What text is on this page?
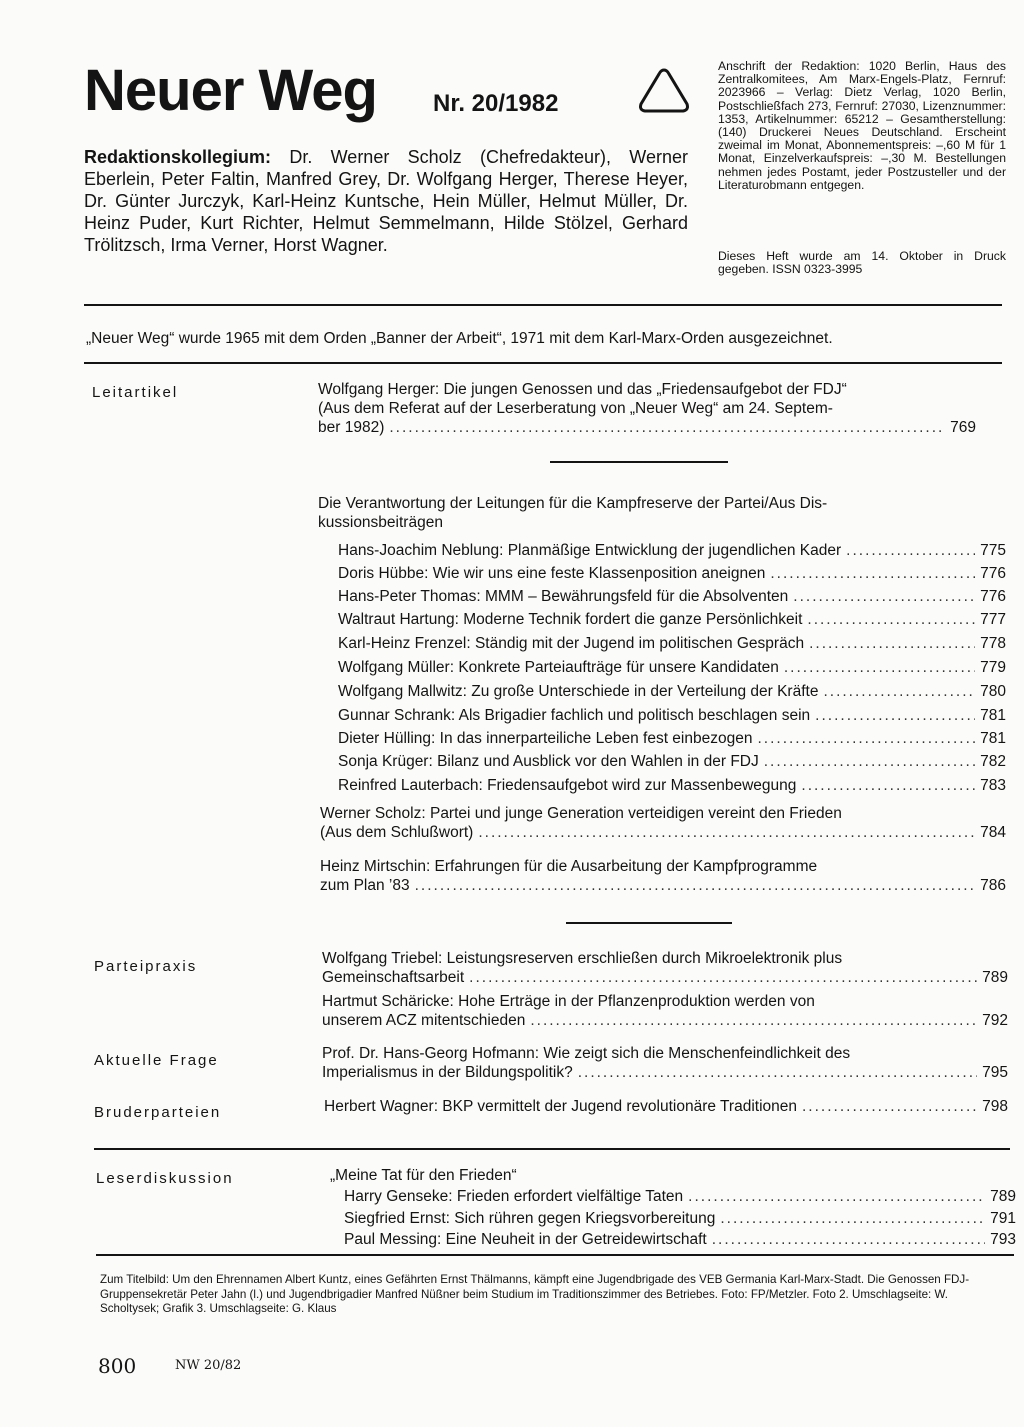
Neuer Weg Nr. 20/1982
Anschrift der Redaktion: 1020 Berlin, Haus des Zentralkomitees, Am Marx-Engels-Platz, Fernruf: 2023966 – Verlag: Dietz Verlag, 1020 Berlin, Postschließfach 273, Fernruf: 27030, Lizenznummer: 1353, Artikelnummer: 65212 – Gesamtherstellung: (140) Druckerei Neues Deutschland. Erscheint zweimal im Monat, Abonnementspreis: –,60 M für 1 Monat, Einzelverkaufspreis: –,30 M. Bestellungen nehmen jedes Postamt, jeder Postzusteller und der Literaturobmann entgegen.
Dieses Heft wurde am 14. Oktober in Druck gegeben. ISSN 0323-3995
Redaktionskollegium: Dr. Werner Scholz (Chefredakteur), Werner Eberlein, Peter Faltin, Manfred Grey, Dr. Wolfgang Herger, Therese Heyer, Dr. Günter Jurczyk, Karl-Heinz Kuntsche, Hein Müller, Helmut Müller, Dr. Heinz Puder, Kurt Richter, Helmut Semmelmann, Hilde Stölzel, Gerhard Trölitzsch, Irma Verner, Horst Wagner.
„Neuer Weg“ wurde 1965 mit dem Orden „Banner der Arbeit“, 1971 mit dem Karl-Marx-Orden ausgezeichnet.
Leitartikel	Wolfgang Herger: Die jungen Genossen und das „Friedensaufgebot der FDJ“
(Aus dem Referat auf der Leserberatung von „Neuer Weg“ am 24. Septem-
ber 1982) .....	769
Die Verantwortung der Leitungen für die Kampfreserve der Partei/Aus Dis-
kussionsbeiträgen
Hans-Joachim Neblung: Planmäßige Entwicklung der jugendlichen Kader .....	775
Doris Hübbe: Wie wir uns eine feste Klassenposition aneignen .....	776
Hans-Peter Thomas: MMM – Bewährungsfeld für die Absolventen .....	776
Waltraut Hartung: Moderne Technik fordert die ganze Persönlichkeit .....	777
Karl-Heinz Frenzel: Ständig mit der Jugend im politischen Gespräch .....	778
Wolfgang Müller: Konkrete Parteiaufträge für unsere Kandidaten .....	779
Wolfgang Mallwitz: Zu große Unterschiede in der Verteilung der Kräfte .....	780
Gunnar Schrank: Als Brigadier fachlich und politisch beschlagen sein .....	781
Dieter Hülling: In das innerparteiliche Leben fest einbezogen .....	781
Sonja Krüger: Bilanz und Ausblick vor den Wahlen in der FDJ .....	782
Reinfred Lauterbach: Friedensaufgebot wird zur Massenbewegung .....	783
Werner Scholz: Partei und junge Generation verteidigen vereint den Frieden
(Aus dem Schlußwort) .....	784
Heinz Mirtschin: Erfahrungen für die Ausarbeitung der Kampfprogramme
zum Plan ’83 .....	786
Parteipraxis	Wolfgang Triebel: Leistungsreserven erschließen durch Mikroelektronik plus
Gemeinschaftsarbeit .....	789
Hartmut Schäricke: Hohe Erträge in der Pflanzenproduktion werden von
unserem ACZ mitentschieden .....	792
Aktuelle Frage	Prof. Dr. Hans-Georg Hofmann: Wie zeigt sich die Menschenfeindlichkeit des
Imperialismus in der Bildungspolitik? .....	795
Bruderparteien	Herbert Wagner: BKP vermittelt der Jugend revolutionäre Traditionen .....	798
Leserdiskussion	„Meine Tat für den Frieden“
Harry Genseke: Frieden erfordert vielfältige Taten .....	789
Siegfried Ernst: Sich rühren gegen Kriegsvorbereitung .....	791
Paul Messing: Eine Neuheit in der Getreidewirtschaft .....	793
Zum Titelbild: Um den Ehrennamen Albert Kuntz, eines Gefährten Ernst Thälmanns, kämpft eine Jugendbrigade des VEB Germania Karl-Marx-Stadt. Die Genossen FDJ-Gruppensekretär Peter Jahn (l.) und Jugendbrigadier Manfred Nüßner beim Studium im Traditionszimmer des Betriebes. Foto: FP/Metzler. Foto 2. Umschlagseite: W. Scholtysek; Grafik 3. Umschlagseite: G. Klaus
800	NW 20/82
